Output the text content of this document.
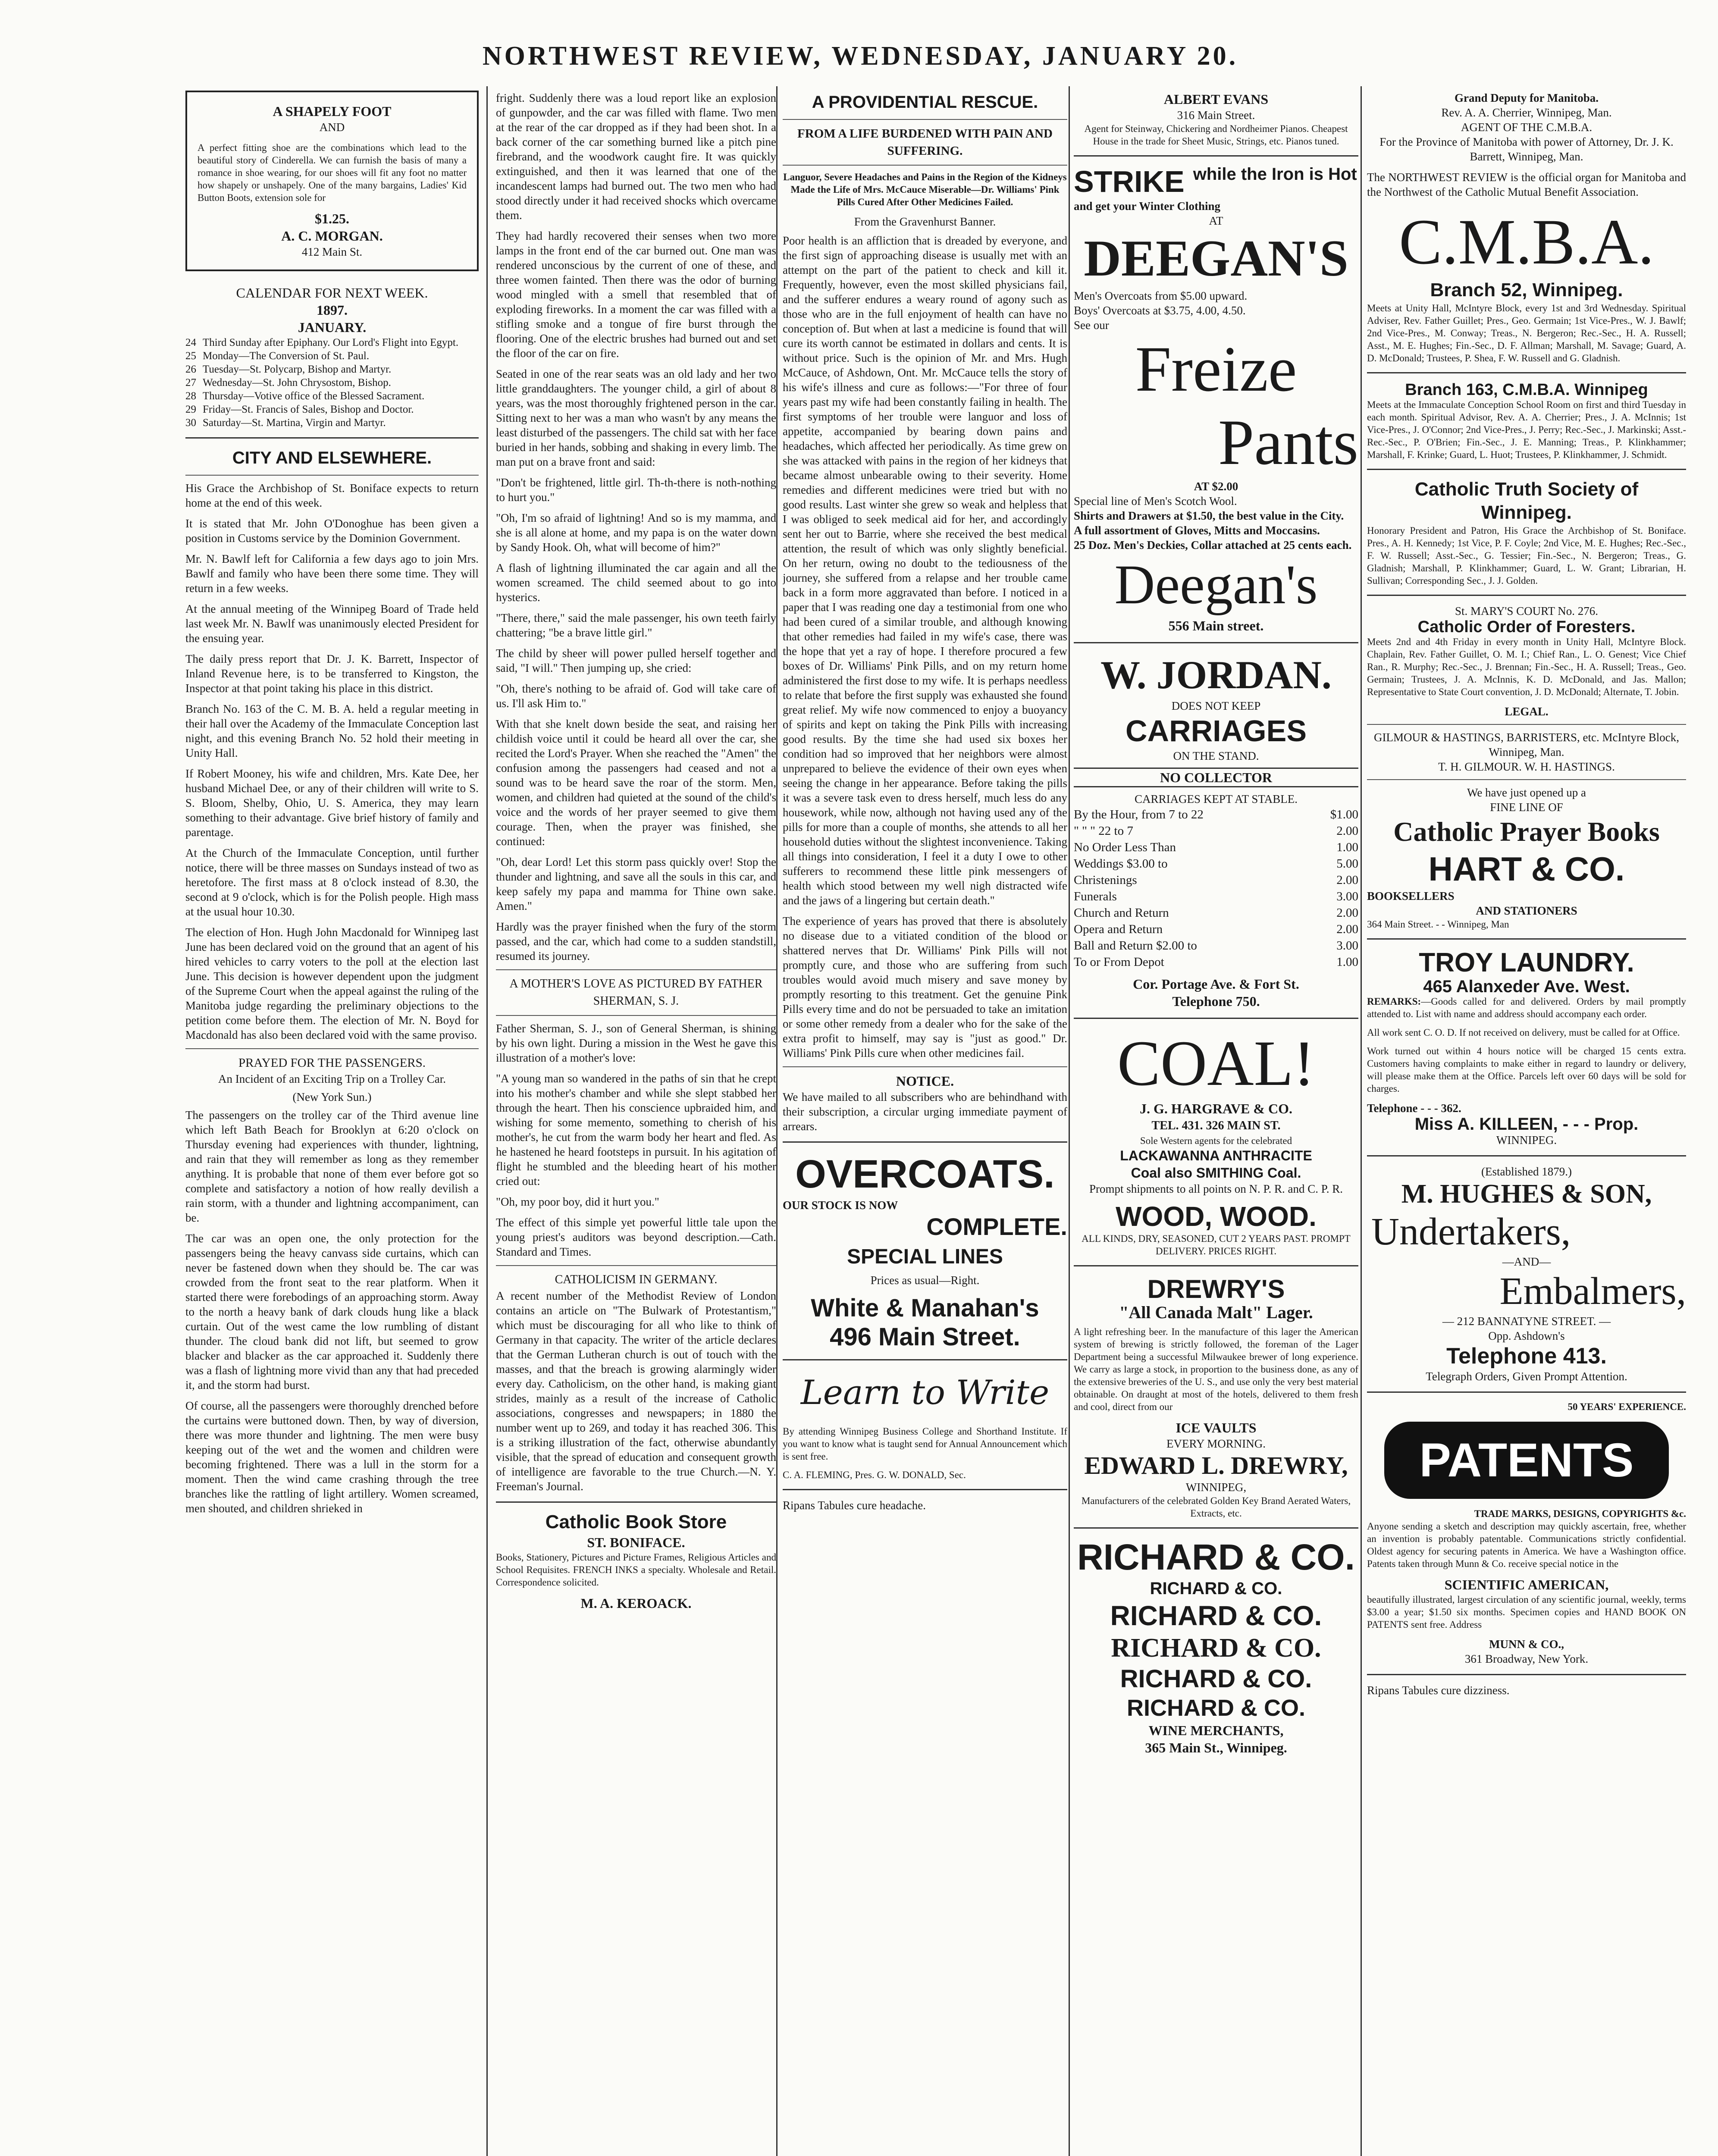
NORTHWEST REVIEW, WEDNESDAY, JANUARY 20.
A SHAPELY FOOT
AND

A perfect fitting shoe are the combinations which lead to the beautiful story of Cinderella. We can furnish the basis of many a romance in shoe wearing, for our shoes will fit any foot no matter how shapely or unshapely. One of the many bargains, Ladies' Kid Button Boots, extension sole for

$1.25.
A. C. MORGAN.
412 Main St.
CALENDAR FOR NEXT WEEK.
1897.
JANUARY.
24 Third Sunday after Epiphany. Our Lord's Flight into Egypt.
25 Monday—The Conversion of St. Paul.
26 Tuesday—St. Polycarp, Bishop and Martyr.
27 Wednesday—St. John Chrysostom, Bishop.
28 Thursday—Votive office of the Blessed Sacrament.
29 Friday—St. Francis of Sales, Bishop and Doctor.
30 Saturday—St. Martina, Virgin and Martyr.
CITY AND ELSEWHERE.

His Grace the Archbishop of St. Boniface expects to return home at the end of this week.

It is stated that Mr. John O'Donoghue has been given a position in Customs service by the Dominion Government.

Mr. N. Bawlf left for California a few days ago to join Mrs. Bawlf and family who have been there some time. They will return in a few weeks.

At the annual meeting of the Winnipeg Board of Trade held last week Mr. N. Bawlf was unanimously elected President for the ensuing year.

The daily press report that Dr. J. K. Barrett, Inspector of Inland Revenue here, is to be transferred to Kingston, the Inspector at that point taking his place in this district.

Branch No. 163 of the C. M. B. A. held a regular meeting in their hall over the Academy of the Immaculate Conception last night, and this evening Branch No. 52 hold their meeting in Unity Hall.

If Robert Mooney, his wife and children, Mrs. Kate Dee, her husband Michael Dee, or any of their children will write to S. S. Bloom, Shelby, Ohio, U. S. America, they may learn something to their advantage. Give brief history of family and parentage.

At the Church of the Immaculate Conception, until further notice, there will be three masses on Sundays instead of two as heretofore. The first mass at 8 o'clock instead of 8.30, the second at 9 o'clock, which is for the Polish people. High mass at the usual hour 10.30.

The election of Hon. Hugh John Macdonald for Winnipeg last June has been declared void on the ground that an agent of his hired vehicles to carry voters to the poll at the election last June. This decision is however dependent upon the judgment of the Supreme Court when the appeal against the ruling of the Manitoba judge regarding the preliminary objections to the petition come before them. The election of Mr. N. Boyd for Macdonald has also been declared void with the same proviso.

PRAYED FOR THE PASSENGERS.
An Incident of an Exciting Trip on a Trolley Car.
(New York Sun.)

The passengers on the trolley car of the Third avenue line which left Bath Beach for Brooklyn at 6:20 o'clock on Thursday evening had experiences with thunder, lightning, and rain that they will remember as long as they remember anything. It is probable that none of them ever before got so complete and satisfactory a notion of how really devilish a rain storm, with a thunder and lightning accompaniment, can be.

The car was an open one, the only protection for the passengers being the heavy canvass side curtains, which can never be fastened down when they should be. The car was crowded from the front seat to the rear platform. When it started there were forebodings of an approaching storm. Away to the north a heavy bank of dark clouds hung like a black curtain. Out of the west came the low rumbling of distant thunder. The cloud bank did not lift, but seemed to grow blacker and blacker as the car approached it. Suddenly there was a flash of lightning more vivid than any that had preceded it, and the storm had burst.

Of course, all the passengers were thoroughly drenched before the curtains were buttoned down. Then, by way of diversion, there was more thunder and lightning. The men were busy keeping out of the wet and the women and children were becoming frightened. There was a lull in the storm for a moment. Then the wind came crashing through the tree branches like the rattling of light artillery. Women screamed, men shouted, and children shrieked in

fright. Suddenly there was a loud report like an explosion of gunpowder, and the car was filled with flame. Two men at the rear of the car dropped as if they had been shot. In a back corner of the car something burned like a pitch pine firebrand, and the woodwork caught fire. It was quickly extinguished, and then it was learned that one of the incandescent lamps had burned out. The two men who had stood directly under it had received shocks which overcame them.

They had hardly recovered their senses when two more lamps in the front end of the car burned out. One man was rendered unconscious by the current of one of these, and three women fainted. Then there was the odor of burning wood mingled with a smell that resembled that of exploding fireworks. In a moment the car was filled with a stifling smoke and a tongue of fire burst through the flooring. One of the electric brushes had burned out and set the floor of the car on fire.

Seated in one of the rear seats was an old lady and her two little granddaughters. The younger child, a girl of about 8 years, was the most thoroughly frightened person in the car. Sitting next to her was a man who wasn't by any means the least disturbed of the passengers. The child sat with her face buried in her hands, sobbing and shaking in every limb. The man put on a brave front and said:

"Don't be frightened, little girl. Th-th-there is noth-nothing to hurt you."

"Oh, I'm so afraid of lightning! And so is my mamma, and she is all alone at home, and my papa is on the water down by Sandy Hook. Oh, what will become of him?"

A flash of lightning illuminated the car again and all the women screamed. The child seemed about to go into hysterics.

"There, there," said the male passenger, his own teeth fairly chattering; "be a brave little girl."

The child by sheer will power pulled herself together and said, "I will." Then jumping up, she cried:

"Oh, there's nothing to be afraid of. God will take care of us. I'll ask Him to."

With that she knelt down beside the seat, and raising her childish voice until it could be heard all over the car, she recited the Lord's Prayer. When she reached the "Amen" the confusion among the passengers had ceased and not a sound was to be heard save the roar of the storm. Men, women, and children had quieted at the sound of the child's voice and the words of her prayer seemed to give them courage. Then, when the prayer was finished, she continued:

"Oh, dear Lord! Let this storm pass quickly over! Stop the thunder and lightning, and save all the souls in this car, and keep safely my papa and mamma for Thine own sake. Amen."

Hardly was the prayer finished when the fury of the storm passed, and the car, which had come to a sudden standstill, resumed its journey.

A MOTHER'S LOVE AS PICTURED BY FATHER SHERMAN, S. J.

Father Sherman, S. J., son of General Sherman, is shining by his own light. During a mission in the West he gave this illustration of a mother's love:

"A young man so wandered in the paths of sin that he crept into his mother's chamber and while she slept stabbed her through the heart. Then his conscience upbraided him, and wishing for some memento, something to cherish of his mother's, he cut from the warm body her heart and fled. As he hastened he heard footsteps in pursuit. In his agitation of flight he stumbled and the bleeding heart of his mother cried out:

"Oh, my poor boy, did it hurt you."

The effect of this simple yet powerful little tale upon the young priest's auditors was beyond description.—Cath. Standard and Times.

CATHOLICISM IN GERMANY.

A recent number of the Methodist Review of London contains an article on "The Bulwark of Protestantism," which must be discouraging for all who like to think of Germany in that capacity. The writer of the article declares that the German Lutheran church is out of touch with the masses, and that the breach is growing alarmingly wider every day. Catholicism, on the other hand, is making giant strides, mainly as a result of the increase of Catholic associations, congresses and newspapers; in 1880 the number went up to 269, and today it has reached 306. This is a striking illustration of the fact, otherwise abundantly visible, that the spread of education and consequent growth of intelligence are favorable to the true Church.—N. Y. Freeman's Journal.

Catholic Book Store
ST. BONIFACE.

Books, Stationery, Pictures and Picture Frames, Religious Articles and School Requisites. FRENCH INKS a specialty. Wholesale and Retail. Correspondence solicited.

M. A. KEROACK.
A PROVIDENTIAL RESCUE.
FROM A LIFE BURDENED WITH PAIN AND SUFFERING.

Languor, Severe Headaches and Pains in the Region of the Kidneys Made the Life of Mrs. McCauce Miserable—Dr. Williams' Pink Pills Cured After Other Medicines Failed.

From the Gravenhurst Banner.

Poor health is an affliction that is dreaded by everyone, and the first sign of approaching disease is usually met with an attempt on the part of the patient to check and kill it. Frequently, however, even the most skilled physicians fail, and the sufferer endures a weary round of agony such as those who are in the full enjoyment of health can have no conception of. But when at last a medicine is found that will cure its worth cannot be estimated in dollars and cents. It is without price. Such is the opinion of Mr. and Mrs. Hugh McCauce, of Ashdown, Ont. Mr. McCauce tells the story of his wife's illness and cure as follows:—"For three of four years past my wife had been constantly failing in health. The first symptoms of her trouble were languor and loss of appetite, accompanied by bearing down pains and headaches, which affected her periodically. As time grew on she was attacked with pains in the region of her kidneys that became almost unbearable owing to their severity. Home remedies and different medicines were tried but with no good results. Last winter she grew so weak and helpless that I was obliged to seek medical aid for her, and accordingly sent her out to Barrie, where she received the best medical attention, the result of which was only slightly beneficial. On her return, owing no doubt to the tediousness of the journey, she suffered from a relapse and her trouble came back in a form more aggravated than before. I noticed in a paper that I was reading one day a testimonial from one who had been cured of a similar trouble, and although knowing that other remedies had failed in my wife's case, there was the hope that yet a ray of hope. I therefore procured a few boxes of Dr. Williams' Pink Pills, and on my return home administered the first dose to my wife. It is perhaps needless to relate that before the first supply was exhausted she found great relief. My wife now commenced to enjoy a buoyancy of spirits and kept on taking the Pink Pills with increasing good results. By the time she had used six boxes her condition had so improved that her neighbors were almost unprepared to believe the evidence of their own eyes when seeing the change in her appearance. Before taking the pills it was a severe task even to dress herself, much less do any housework, while now, although not having used any of the pills for more than a couple of months, she attends to all her household duties without the slightest inconvenience. Taking all things into consideration, I feel it a duty I owe to other sufferers to recommend these little pink messengers of health which stood between my well nigh distracted wife and the jaws of a lingering but certain death."

The experience of years has proved that there is absolutely no disease due to a vitiated condition of the blood or shattered nerves that Dr. Williams' Pink Pills will not promptly cure, and those who are suffering from such troubles would avoid much misery and save money by promptly resorting to this treatment. Get the genuine Pink Pills every time and do not be persuaded to take an imitation or some other remedy from a dealer who for the sake of the extra profit to himself, may say is "just as good." Dr. Williams' Pink Pills cure when other medicines fail.

NOTICE.

We have mailed to all subscribers who are behindhand with their subscription, a circular urging immediate payment of arrears.

OVERCOATS.
OUR STOCK IS NOW
COMPLETE.
SPECIAL LINES
Prices as usual—Right.
White & Manahan's
496 Main Street.
Learn to Write

By attending Winnipeg Business College and Shorthand Institute. If you want to know what is taught send for Annual Announcement which is sent free.

C. A. FLEMING, Pres. G. W. DONALD, Sec.
Ripans Tabules cure headache.
ALBERT EVANS
316 Main Street.

Agent for Steinway, Chickering and Nordheimer Pianos. Cheapest House in the trade for Sheet Music, Strings, etc. Pianos tuned.

STRIKE while the Iron is Hot
and get your Winter Clothing
AT
DEEGAN'S
Men's Overcoats from $5.00 upward.
Boys' Overcoats at $3.75, 4.00, 4.50.
See our
Freize
Pants
AT $2.00
Special line of Men's Scotch Wool.
Shirts and Drawers at $1.50, the best value in the City.
A full assortment of Gloves, Mitts and Moccasins.
25 Doz. Men's Deckies, Collar attached at 25 cents each.
Deegan's
556 Main street.
W. JORDAN.
DOES NOT KEEP
CARRIAGES
ON THE STAND.
NO COLLECTOR
CARRIAGES KEPT AT STABLE.
By the Hour, from 7 to 22	$1.00
" " " 22 to 7	2.00
No Order Less Than	1.00
Weddings $3.00 to	5.00
Christenings	2.00
Funerals	3.00
Church and Return	2.00
Opera and Return	2.00
Ball and Return $2.00 to	3.00
To or From Depot	1.00
Cor. Portage Ave. & Fort St.
Telephone 750.
COAL!
J. G. HARGRAVE & CO.
TEL. 431. 326 MAIN ST.
Sole Western agents for the celebrated
LACKAWANNA ANTHRACITE
Coal also SMITHING Coal.
Prompt shipments to all points on N. P. R. and C. P. R.
WOOD, WOOD.
ALL KINDS, DRY, SEASONED, CUT 2 YEARS PAST. PROMPT DELIVERY. PRICES RIGHT.
DREWRY'S
"All Canada Malt" Lager.

A light refreshing beer. In the manufacture of this lager the American system of brewing is strictly followed, the foreman of the Lager Department being a successful Milwaukee brewer of long experience. We carry as large a stock, in proportion to the business done, as any of the extensive breweries of the U. S., and use only the very best material obtainable. On draught at most of the hotels, delivered to them fresh and cool, direct from our

ICE VAULTS
EVERY MORNING.
EDWARD L. DREWRY,
WINNIPEG,
Manufacturers of the celebrated Golden Key Brand Aerated Waters, Extracts, etc.
RICHARD & CO.
RICHARD & CO.
RICHARD & CO.
RICHARD & CO.
RICHARD & CO.
RICHARD & CO.
WINE MERCHANTS,
365 Main St., Winnipeg.
Grand Deputy for Manitoba.
Rev. A. A. Cherrier, Winnipeg, Man.
AGENT OF THE C.M.B.A.

For the Province of Manitoba with power of Attorney, Dr. J. K. Barrett, Winnipeg, Man.

The NORTHWEST REVIEW is the official organ for Manitoba and the Northwest of the Catholic Mutual Benefit Association.

C.M.B.A.
Branch 52, Winnipeg.

Meets at Unity Hall, McIntyre Block, every 1st and 3rd Wednesday. Spiritual Adviser, Rev. Father Guillet; Pres., Geo. Germain; 1st Vice-Pres., W. J. Bawlf; 2nd Vice-Pres., M. Conway; Treas., N. Bergeron; Rec.-Sec., H. A. Russell; Asst., M. E. Hughes; Fin.-Sec., D. F. Allman; Marshall, M. Savage; Guard, A. D. McDonald; Trustees, P. Shea, F. W. Russell and G. Gladnish.

Branch 163, C.M.B.A. Winnipeg

Meets at the Immaculate Conception School Room on first and third Tuesday in each month. Spiritual Advisor, Rev. A. A. Cherrier; Pres., J. A. McInnis; 1st Vice-Pres., J. O'Connor; 2nd Vice-Pres., J. Perry; Rec.-Sec., J. Markinski; Asst.-Rec.-Sec., P. O'Brien; Fin.-Sec., J. E. Manning; Treas., P. Klinkhammer; Marshall, F. Krinke; Guard, L. Huot; Trustees, P. Klinkhammer, J. Schmidt.

Catholic Truth Society of Winnipeg.

Honorary President and Patron, His Grace the Archbishop of St. Boniface. Pres., A. H. Kennedy; 1st Vice, P. F. Coyle; 2nd Vice, M. E. Hughes; Rec.-Sec., F. W. Russell; Asst.-Sec., G. Tessier; Fin.-Sec., N. Bergeron; Treas., G. Gladnish; Marshall, P. Klinkhammer; Guard, L. W. Grant; Librarian, H. Sullivan; Corresponding Sec., J. J. Golden.

St. MARY'S COURT No. 276.
Catholic Order of Foresters.

Meets 2nd and 4th Friday in every month in Unity Hall, McIntyre Block. Chaplain, Rev. Father Guillet, O. M. I.; Chief Ran., L. O. Genest; Vice Chief Ran., R. Murphy; Rec.-Sec., J. Brennan; Fin.-Sec., H. A. Russell; Treas., Geo. Germain; Trustees, J. A. McInnis, K. D. McDonald, and Jas. Mallon; Representative to State Court convention, J. D. McDonald; Alternate, T. Jobin.

LEGAL.
GILMOUR & HASTINGS, BARRISTERS, etc. McIntyre Block, Winnipeg, Man.
T. H. GILMOUR. W. H. HASTINGS.
We have just opened up a
FINE LINE OF
Catholic Prayer Books
HART & CO.
BOOKSELLERS
AND STATIONERS
364 Main Street. - - Winnipeg, Man
TROY LAUNDRY.
465 Alanxeder Ave. West.

REMARKS:—Goods called for and delivered. Orders by mail promptly attended to. List with name and address should accompany each order.

All work sent C. O. D. If not received on delivery, must be called for at Office.

Work turned out within 4 hours notice will be charged 15 cents extra. Customers having complaints to make either in regard to laundry or delivery, will please make them at the Office. Parcels left over 60 days will be sold for charges.

Telephone - - - 362.
Miss A. KILLEEN, - - - Prop.
WINNIPEG.
(Established 1879.)
M. HUGHES & SON,
Undertakers,
—AND—
Embalmers,
— 212 BANNATYNE STREET. —
Opp. Ashdown's
Telephone 413.
Telegraph Orders, Given Prompt Attention.
50 YEARS' EXPERIENCE.
PATENTS
TRADE MARKS, DESIGNS, COPYRIGHTS &c.

Anyone sending a sketch and description may quickly ascertain, free, whether an invention is probably patentable. Communications strictly confidential. Oldest agency for securing patents in America. We have a Washington office. Patents taken through Munn & Co. receive special notice in the

SCIENTIFIC AMERICAN,

beautifully illustrated, largest circulation of any scientific journal, weekly, terms $3.00 a year; $1.50 six months. Specimen copies and HAND BOOK ON PATENTS sent free. Address

MUNN & CO.,
361 Broadway, New York.
Ripans Tabules cure dizziness.
